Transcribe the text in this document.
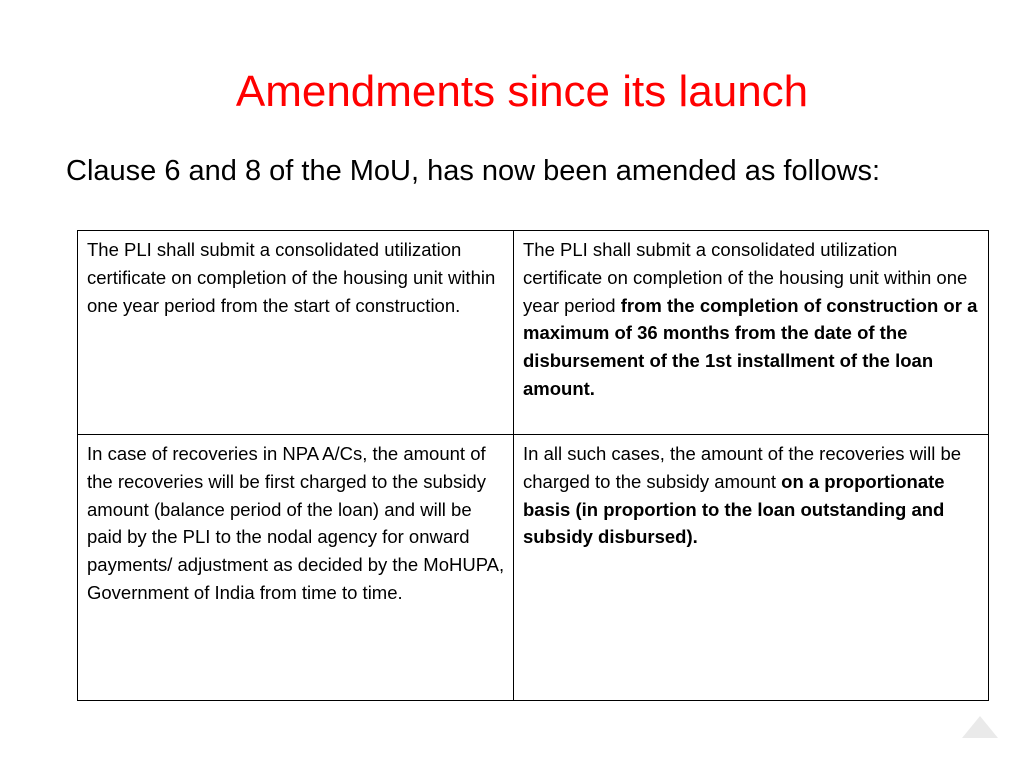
Amendments since its launch
Clause 6 and 8 of the MoU, has now been amended as follows:
The PLI shall submit a consolidated utilization certificate on completion of the housing unit within one year period from the start of construction.	The PLI shall submit a consolidated utilization certificate on completion of the housing unit within one year period from the completion of construction or a maximum of 36 months from the date of the disbursement of the 1st installment of the loan amount.
In case of recoveries in NPA A/Cs, the amount of the recoveries will be first charged to the subsidy amount (balance period of the loan) and will be paid by the PLI to the nodal agency for onward payments/ adjustment as decided by the MoHUPA, Government of India from time to time.	In all such cases, the amount of the recoveries will be charged to the subsidy amount on a proportionate basis (in proportion to the loan outstanding and subsidy disbursed).
